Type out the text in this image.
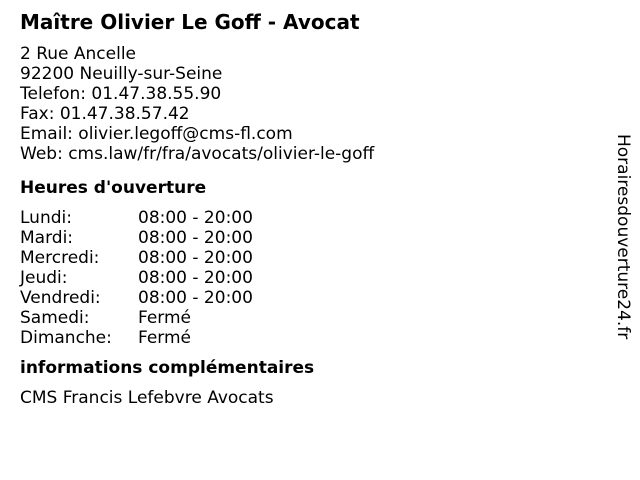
Maître Olivier Le Goff - Avocat
2 Rue Ancelle
92200 Neuilly-sur-Seine
Telefon: 01.47.38.55.90
Fax: 01.47.38.57.42
Email: olivier.legoff@cms-fl.com
Web: cms.law/fr/fra/avocats/olivier-le-goff
Heures d'ouverture
Lundi:	08:00 - 20:00
Mardi:	08:00 - 20:00
Mercredi:	08:00 - 20:00
Jeudi:	08:00 - 20:00
Vendredi:	08:00 - 20:00
Samedi:	Fermé
Dimanche:	Fermé
informations complémentaires
CMS Francis Lefebvre Avocats
Horairesdouverture24.fr
